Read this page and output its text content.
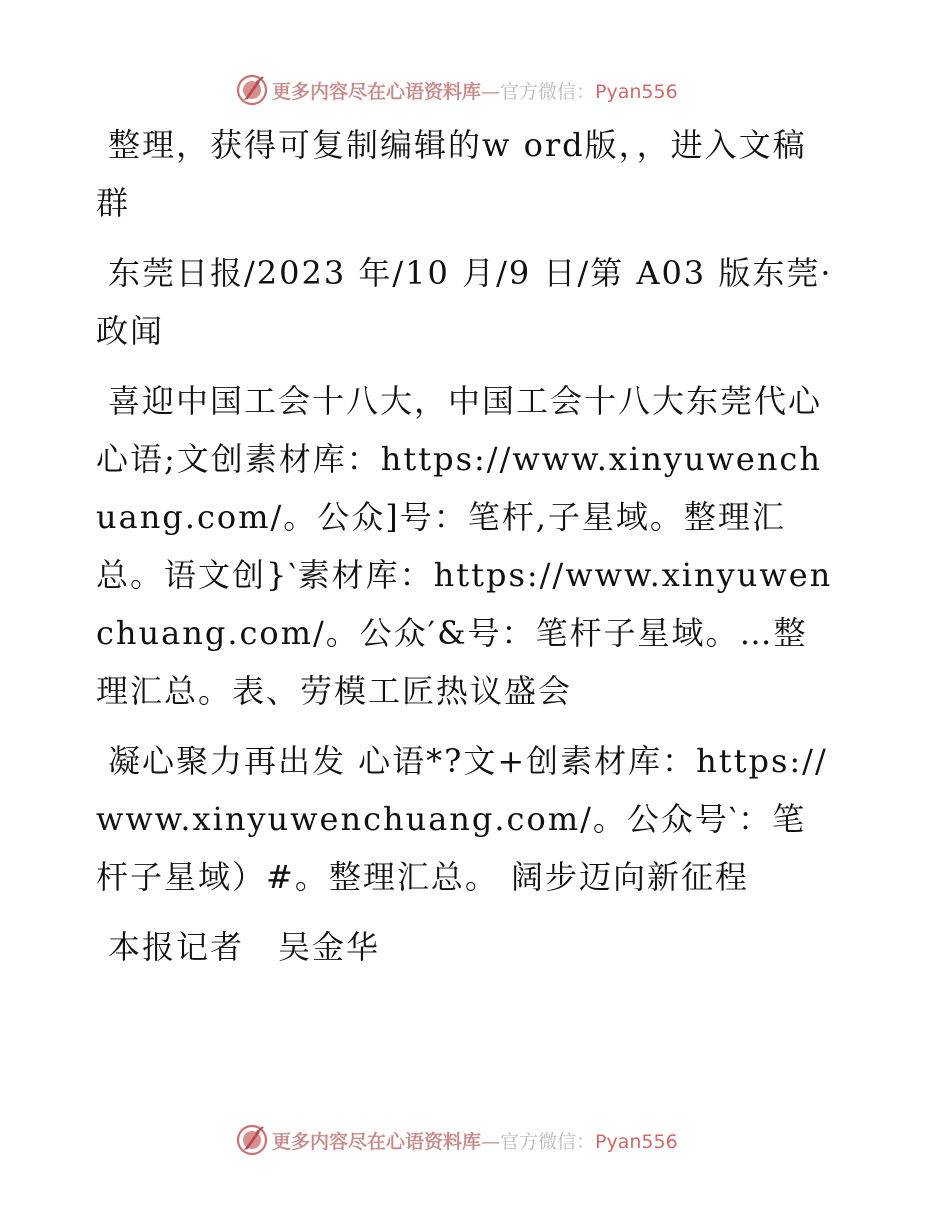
更多内容尽在心语资料库—官方微信：Pyan556

整理，获得可复制编辑的w ord版，，进入文稿群

东莞日报/2023 年/10 月/9 日/第 A03 版东莞·政闻

喜迎中国工会十八大，中国工会十八大东莞代心心语;文创素材库：https://www.xinyuwenchuang.com/。公众]号：笔杆,子星域。整理汇总。语文创}‵素材库：https://www.xinyuwenchuang.com/。公众′&号：笔杆子星域。…整理汇总。表、劳模工匠热议盛会

凝心聚力再出发 心语*?文+创素材库：https://www.xinyuwenchuang.com/。公众号‵：笔杆子星域）#。整理汇总。 阔步迈向新征程

本报记者　吴金华

更多内容尽在心语资料库—官方微信：Pyan556
